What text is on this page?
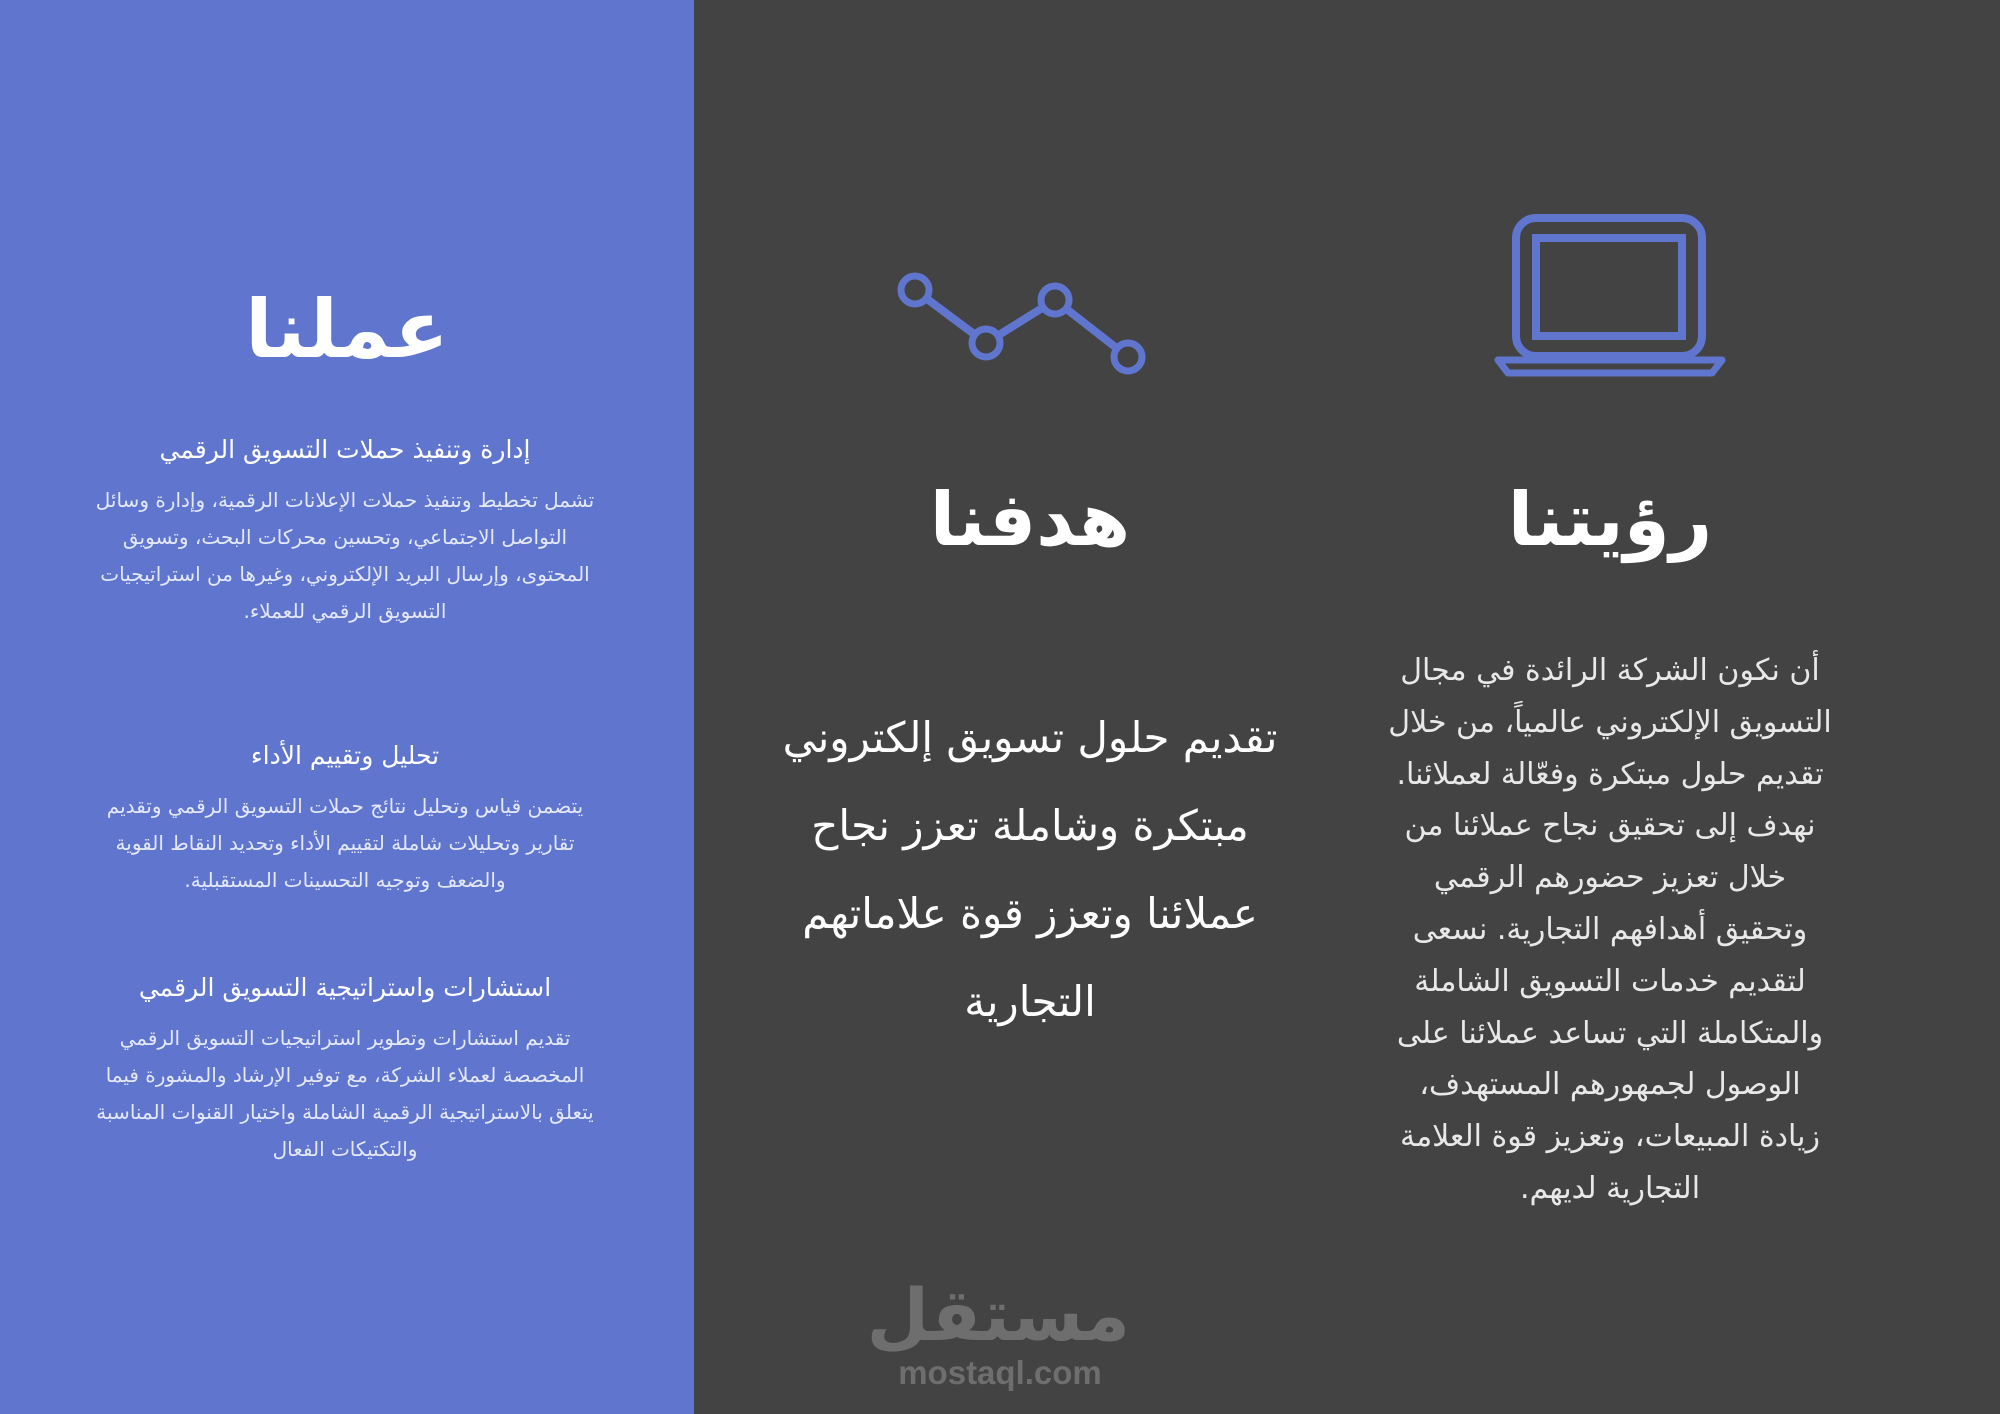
عملنا
إدارة وتنفيذ حملات التسويق الرقمي

تشمل تخطيط وتنفيذ حملات الإعلانات الرقمية، وإدارة وسائل التواصل الاجتماعي، وتحسين محركات البحث، وتسويق المحتوى، وإرسال البريد الإلكتروني، وغيرها من استراتيجيات التسويق الرقمي للعملاء.

تحليل وتقييم الأداء

يتضمن قياس وتحليل نتائج حملات التسويق الرقمي وتقديم تقارير وتحليلات شاملة لتقييم الأداء وتحديد النقاط القوية والضعف وتوجيه التحسينات المستقبلية.

استشارات واستراتيجية التسويق الرقمي

تقديم استشارات وتطوير استراتيجيات التسويق الرقمي المخصصة لعملاء الشركة، مع توفير الإرشاد والمشورة فيما يتعلق بالاستراتيجية الرقمية الشاملة واختيار القنوات المناسبة والتكتيكات الفعال

هدفنا	رؤيتنا

تقديم حلول تسويق إلكتروني مبتكرة وشاملة تعزز نجاح عملائنا وتعزز قوة علاماتهم التجارية

أن نكون الشركة الرائدة في مجال التسويق الإلكتروني عالمياً، من خلال تقديم حلول مبتكرة وفعّالة لعملائنا. نهدف إلى تحقيق نجاح عملائنا من خلال تعزيز حضورهم الرقمي وتحقيق أهدافهم التجارية. نسعى لتقديم خدمات التسويق الشاملة والمتكاملة التي تساعد عملائنا على الوصول لجمهورهم المستهدف، زيادة المبيعات، وتعزيز قوة العلامة التجارية لديهم.

مستقل
mostaql.com
